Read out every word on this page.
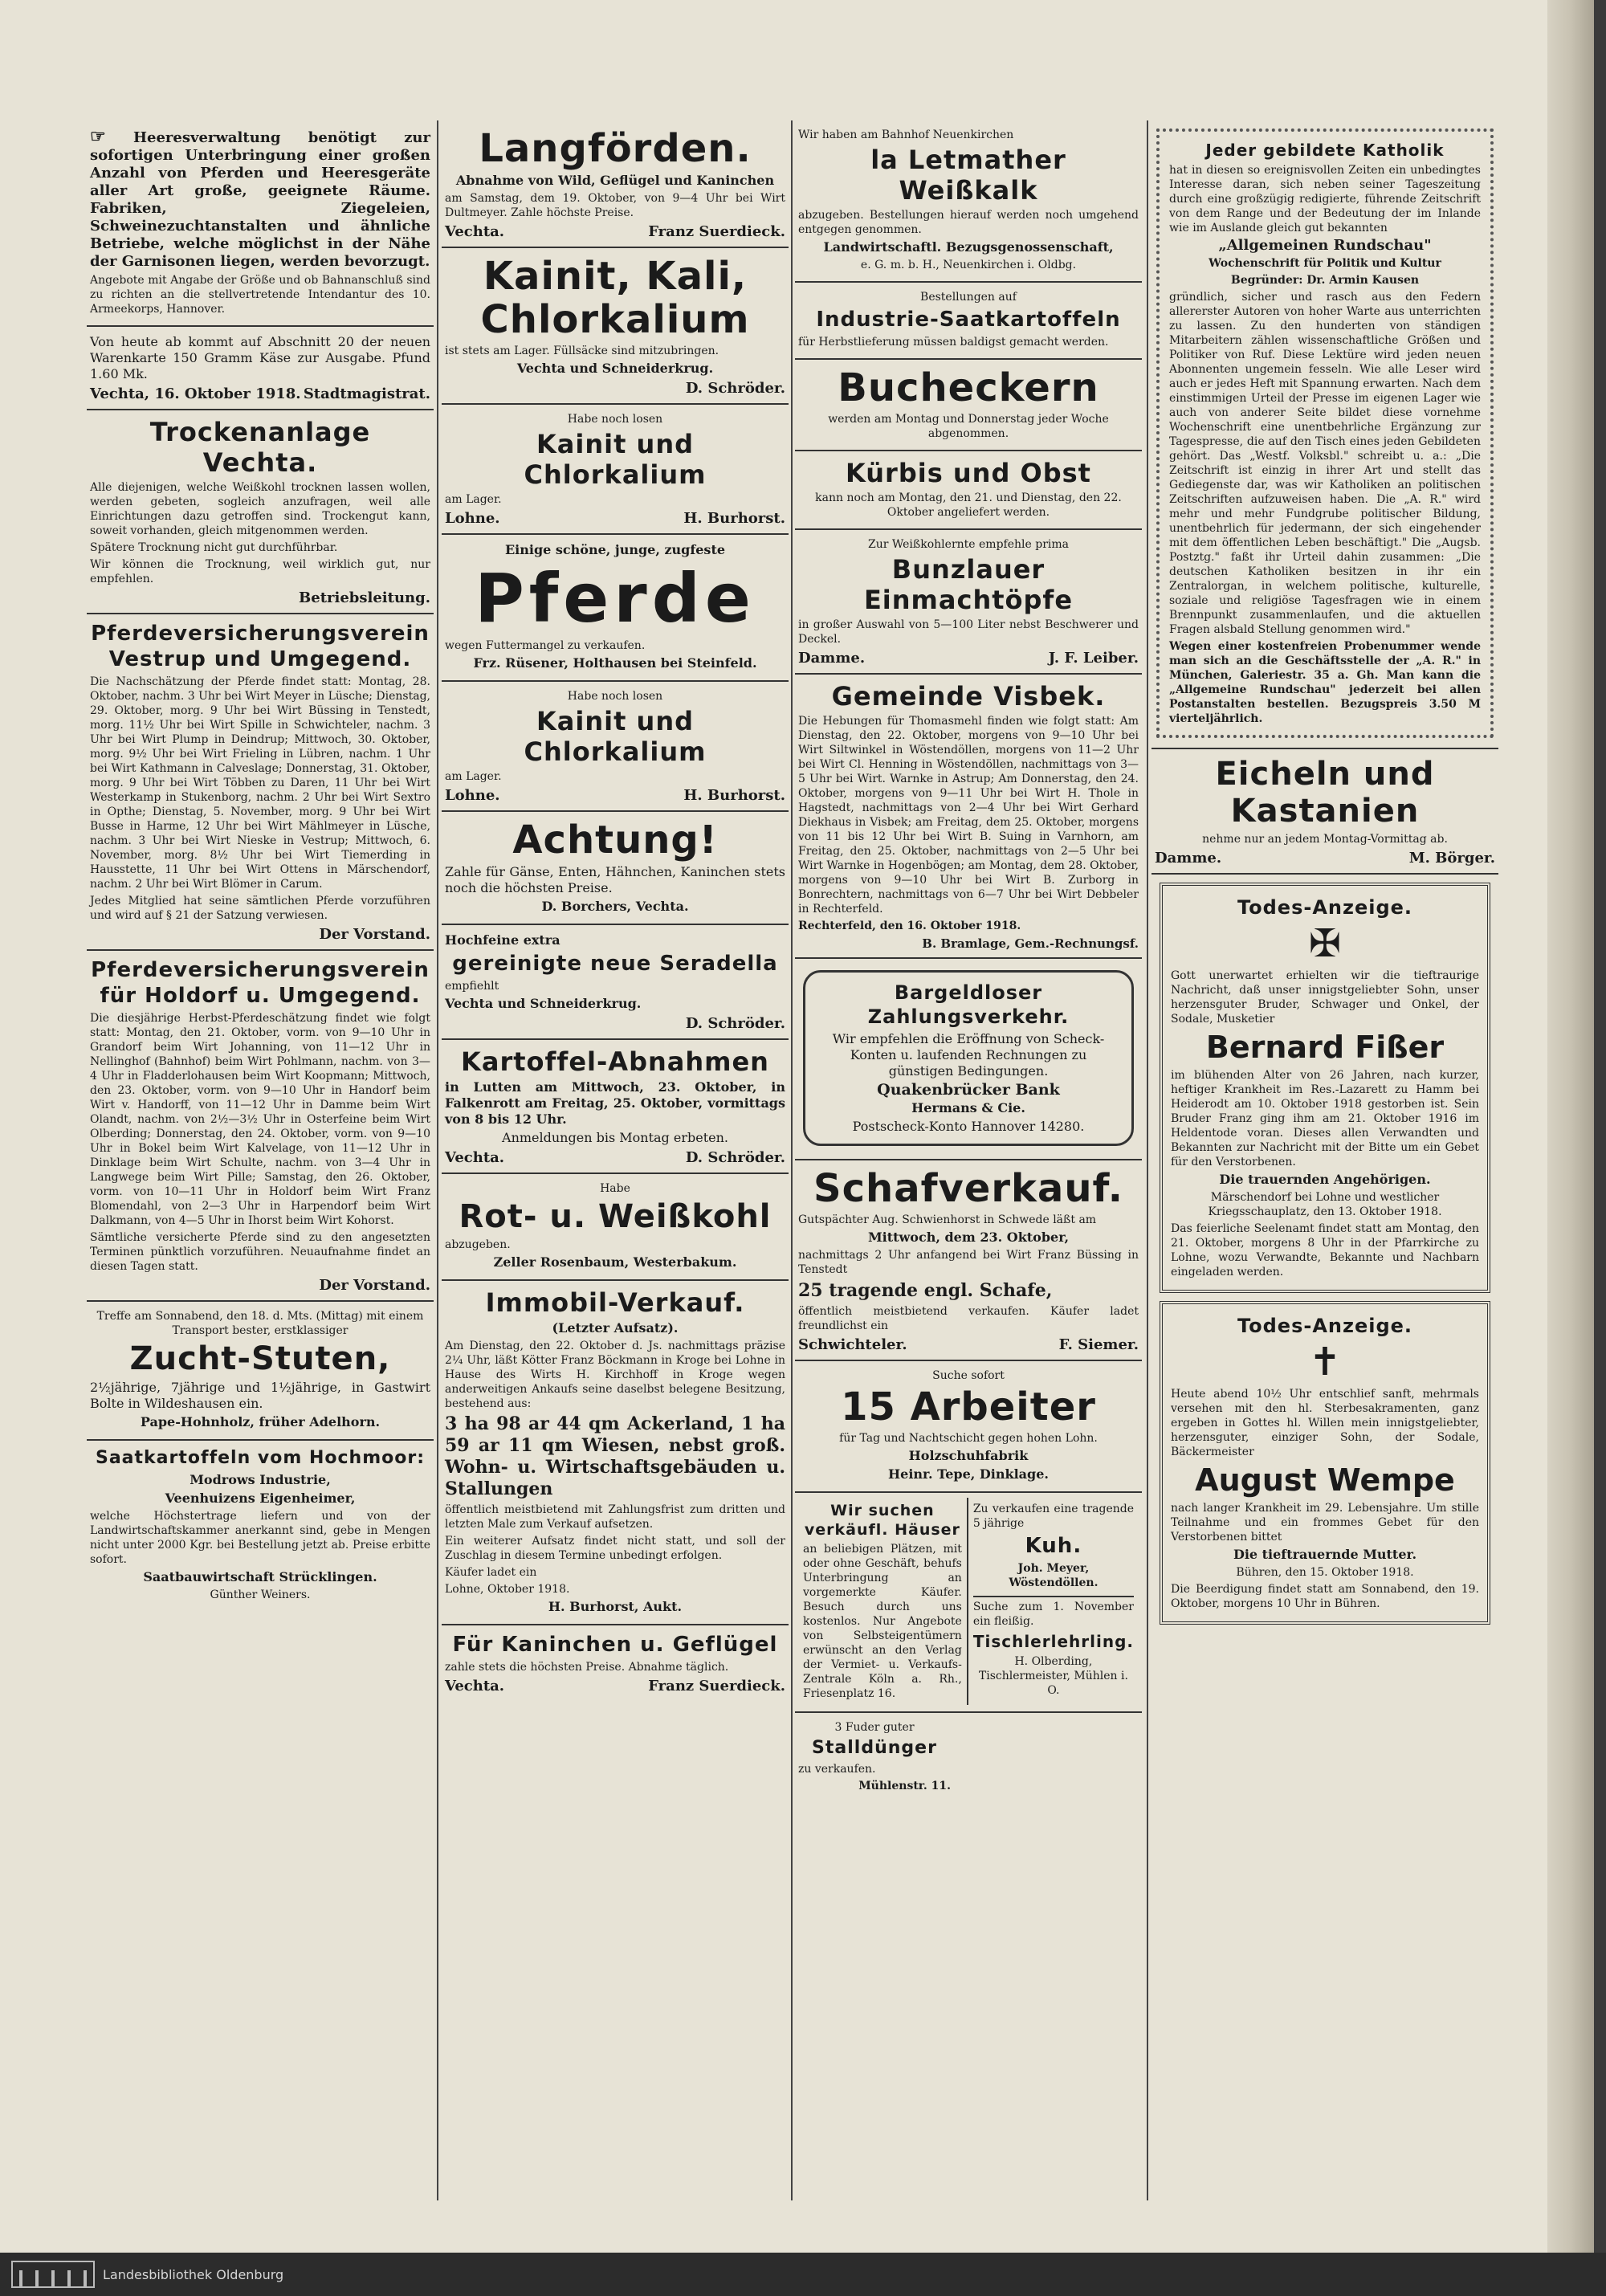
☞ Heeresverwaltung benötigt zur sofortigen Unterbringung einer großen Anzahl von Pferden und Heeresgeräte aller Art große, geeignete Räume. Fabriken, Ziegeleien, Schweinezuchtanstalten und ähnliche Betriebe, welche möglichst in der Nähe der Garnisonen liegen, werden bevorzugt.

Angebote mit Angabe der Größe und ob Bahnanschluß sind zu richten an die stellvertretende Intendantur des 10. Armeekorps, Hannover.

Von heute ab kommt auf Abschnitt 20 der neuen Warenkarte 150 Gramm Käse zur Ausgabe. Pfund 1.60 Mk.

Vechta, 16. Oktober 1918. Stadtmagistrat.
Trockenanlage Vechta.

Alle diejenigen, welche Weißkohl trocknen lassen wollen, werden gebeten, sogleich anzufragen, weil alle Einrichtungen dazu getroffen sind. Trockengut kann, soweit vorhanden, gleich mitgenommen werden.

Spätere Trocknung nicht gut durchführbar.

Wir können die Trocknung, weil wirklich gut, nur empfehlen.

Betriebsleitung.
Pferdeversicherungsverein Vestrup und Umgegend.

Die Nachschätzung der Pferde findet statt: Montag, 28. Oktober, nachm. 3 Uhr bei Wirt Meyer in Lüsche; Dienstag, 29. Oktober, morg. 9 Uhr bei Wirt Büssing in Tenstedt, morg. 11½ Uhr bei Wirt Spille in Schwichteler, nachm. 3 Uhr bei Wirt Plump in Deindrup; Mittwoch, 30. Oktober, morg. 9½ Uhr bei Wirt Frieling in Lübren, nachm. 1 Uhr bei Wirt Kathmann in Calveslage; Donnerstag, 31. Oktober, morg. 9 Uhr bei Wirt Többen zu Daren, 11 Uhr bei Wirt Westerkamp in Stukenborg, nachm. 2 Uhr bei Wirt Sextro in Opthe; Dienstag, 5. November, morg. 9 Uhr bei Wirt Busse in Harme, 12 Uhr bei Wirt Mählmeyer in Lüsche, nachm. 3 Uhr bei Wirt Nieske in Vestrup; Mittwoch, 6. November, morg. 8½ Uhr bei Wirt Tiemerding in Hausstette, 11 Uhr bei Wirt Ottens in Märschendorf, nachm. 2 Uhr bei Wirt Blömer in Carum.

Jedes Mitglied hat seine sämtlichen Pferde vorzuführen und wird auf § 21 der Satzung verwiesen.

Der Vorstand.
Pferdeversicherungsverein für Holdorf u. Umgegend.

Die diesjährige Herbst-Pferdeschätzung findet wie folgt statt: Montag, den 21. Oktober, vorm. von 9—10 Uhr in Grandorf beim Wirt Johanning, von 11—12 Uhr in Nellinghof (Bahnhof) beim Wirt Pohlmann, nachm. von 3—4 Uhr in Fladderlohausen beim Wirt Koopmann; Mittwoch, den 23. Oktober, vorm. von 9—10 Uhr in Handorf beim Wirt v. Handorff, von 11—12 Uhr in Damme beim Wirt Olandt, nachm. von 2½—3½ Uhr in Osterfeine beim Wirt Olberding; Donnerstag, den 24. Oktober, vorm. von 9—10 Uhr in Bokel beim Wirt Kalvelage, von 11—12 Uhr in Dinklage beim Wirt Schulte, nachm. von 3—4 Uhr in Langwege beim Wirt Pille; Samstag, den 26. Oktober, vorm. von 10—11 Uhr in Holdorf beim Wirt Franz Blomendahl, von 2—3 Uhr in Harpendorf beim Wirt Dalkmann, von 4—5 Uhr in Ihorst beim Wirt Kohorst.

Sämtliche versicherte Pferde sind zu den angesetzten Terminen pünktlich vorzuführen. Neuaufnahme findet an diesen Tagen statt.

Der Vorstand.

Treffe am Sonnabend, den 18. d. Mts. (Mittag) mit einem Transport bester, erstklassiger

Zucht-Stuten,

2½jährige, 7jährige und 1½jährige, in Gastwirt Bolte in Wildeshausen ein.

Pape-Hohnholz, früher Adelhorn.

Saatkartoffeln vom Hochmoor:

Modrows Industrie,

Veenhuizens Eigenheimer,

welche Höchstertrage liefern und von der Landwirtschaftskammer anerkannt sind, gebe in Mengen nicht unter 2000 Kgr. bei Bestellung jetzt ab. Preise erbitte sofort.

Saatbauwirtschaft Strücklingen.

Günther Weiners.

Langförden.

Abnahme von Wild, Geflügel und Kaninchen

am Samstag, dem 19. Oktober, von 9—4 Uhr bei Wirt Dultmeyer. Zahle höchste Preise.

Vechta.	Franz Suerdieck.
Kainit, Kali, Chlorkalium

ist stets am Lager. Füllsäcke sind mitzubringen.

Vechta und Schneiderkrug.

D. Schröder.

Habe noch losen

Kainit und Chlorkalium

am Lager.

Lohne.	H. Burhorst.

Einige schöne, junge, zugfeste

Pferde

wegen Futtermangel zu verkaufen.

Frz. Rüsener, Holthausen bei Steinfeld.

Habe noch losen

Kainit und Chlorkalium

am Lager.

Lohne.	H. Burhorst.
Achtung!

Zahle für Gänse, Enten, Hähnchen, Kaninchen stets noch die höchsten Preise.

D. Borchers, Vechta.

Hochfeine extra

gereinigte neue Seradella

empfiehlt

Vechta und Schneiderkrug.

D. Schröder.
Kartoffel-Abnahmen

in Lutten am Mittwoch, 23. Oktober, in Falkenrott am Freitag, 25. Oktober, vormittags von 8 bis 12 Uhr.

Anmeldungen bis Montag erbeten.

Vechta.	D. Schröder.

Habe

Rot- u. Weißkohl

abzugeben.

Zeller Rosenbaum, Westerbakum.

Immobil-Verkauf.

(Letzter Aufsatz).

Am Dienstag, den 22. Oktober d. Js. nachmittags präzise 2¼ Uhr, läßt Kötter Franz Böckmann in Kroge bei Lohne in Hause des Wirts H. Kirchhoff in Kroge wegen anderweitigen Ankaufs seine daselbst belegene Besitzung, bestehend aus:

3 ha 98 ar 44 qm Ackerland, 1 ha 59 ar 11 qm Wiesen, nebst groß. Wohn- u. Wirtschaftsgebäuden u. Stallungen

öffentlich meistbietend mit Zahlungsfrist zum dritten und letzten Male zum Verkauf aufsetzen.

Ein weiterer Aufsatz findet nicht statt, und soll der Zuschlag in diesem Termine unbedingt erfolgen.

Käufer ladet ein

Lohne, Oktober 1918.

H. Burhorst, Aukt.

Für Kaninchen u. Geflügel

zahle stets die höchsten Preise. Abnahme täglich.

Vechta.	Franz Suerdieck.

Wir haben am Bahnhof Neuenkirchen

la Letmather Weißkalk

abzugeben. Bestellungen hierauf werden noch umgehend entgegen genommen.

Landwirtschaftl. Bezugsgenossenschaft,

e. G. m. b. H., Neuenkirchen i. Oldbg.

Bestellungen auf

Industrie-Saatkartoffeln

für Herbstlieferung müssen baldigst gemacht werden.

Bucheckern

werden am Montag und Donnerstag jeder Woche abgenommen.

Kürbis und Obst

kann noch am Montag, den 21. und Dienstag, den 22. Oktober angeliefert werden.

Zur Weißkohlernte empfehle prima

Bunzlauer Einmachtöpfe

in großer Auswahl von 5—100 Liter nebst Beschwerer und Deckel.

Damme.	J. F. Leiber.
Gemeinde Visbek.

Die Hebungen für Thomasmehl finden wie folgt statt: Am Dienstag, den 22. Oktober, morgens von 9—10 Uhr bei Wirt Siltwinkel in Wöstendöllen, morgens von 11—2 Uhr bei Wirt Cl. Henning in Wöstendöllen, nachmittags von 3—5 Uhr bei Wirt. Warnke in Astrup; Am Donnerstag, den 24. Oktober, morgens von 9—11 Uhr bei Wirt H. Thole in Hagstedt, nachmittags von 2—4 Uhr bei Wirt Gerhard Diekhaus in Visbek; am Freitag, dem 25. Oktober, morgens von 11 bis 12 Uhr bei Wirt B. Suing in Varnhorn, am Freitag, den 25. Oktober, nachmittags von 2—5 Uhr bei Wirt Warnke in Hogenbögen; am Montag, dem 28. Oktober, morgens von 9—10 Uhr bei Wirt B. Zurborg in Bonrechtern, nachmittags von 6—7 Uhr bei Wirt Debbeler in Rechterfeld.

Rechterfeld, den 16. Oktober 1918.

B. Bramlage, Gem.-Rechnungsf.
Bargeldloser Zahlungsverkehr.

Wir empfehlen die Eröffnung von Scheck-Konten u. laufenden Rechnungen zu günstigen Bedingungen.

Quakenbrücker Bank

Hermans & Cie.

Postscheck-Konto Hannover 14280.

Schafverkauf.

Gutspächter Aug. Schwienhorst in Schwede läßt am

Mittwoch, dem 23. Oktober,

nachmittags 2 Uhr anfangend bei Wirt Franz Büssing in Tenstedt

25 tragende engl. Schafe,

öffentlich meistbietend verkaufen. Käufer ladet freundlichst ein

Schwichteler.	F. Siemer.

Suche sofort

15 Arbeiter

für Tag und Nachtschicht gegen hohen Lohn.

Holzschuhfabrik

Heinr. Tepe, Dinklage.

Wir suchen verkäufl. Häuser

an beliebigen Plätzen, mit oder ohne Geschäft, behufs Unterbringung an vorgemerkte Käufer. Besuch durch uns kostenlos. Nur Angebote von Selbsteigentümern erwünscht an den Verlag der Vermiet- u. Verkaufs-Zentrale Köln a. Rh., Friesenplatz 16.

Zu verkaufen eine tragende 5 jährige

Kuh.

Joh. Meyer, Wöstendöllen.

Suche zum 1. November ein fleißig.

Tischlerlehrling.

H. Olberding, Tischlermeister, Mühlen i. O.

3 Fuder guter

Stalldünger

zu verkaufen.

Mühlenstr. 11.

Jeder gebildete Katholik

hat in diesen so ereignisvollen Zeiten ein unbedingtes Interesse daran, sich neben seiner Tageszeitung durch eine großzügig redigierte, führende Zeitschrift von dem Range und der Bedeutung der im Inlande wie im Auslande gleich gut bekannten

„Allgemeinen Rundschau"

Wochenschrift für Politik und Kultur

Begründer: Dr. Armin Kausen

gründlich, sicher und rasch aus den Federn allererster Autoren von hoher Warte aus unterrichten zu lassen. Zu den hunderten von ständigen Mitarbeitern zählen wissenschaftliche Größen und Politiker von Ruf. Diese Lektüre wird jeden neuen Abonnenten ungemein fesseln. Wie alle Leser wird auch er jedes Heft mit Spannung erwarten. Nach dem einstimmigen Urteil der Presse im eigenen Lager wie auch von anderer Seite bildet diese vornehme Wochenschrift eine unentbehrliche Ergänzung zur Tagespresse, die auf den Tisch eines jeden Gebildeten gehört. Das „Westf. Volksbl." schreibt u. a.: „Die Zeitschrift ist einzig in ihrer Art und stellt das Gediegenste dar, was wir Katholiken an politischen Zeitschriften aufzuweisen haben. Die „A. R." wird mehr und mehr Fundgrube politischer Bildung, unentbehrlich für jedermann, der sich eingehender mit dem öffentlichen Leben beschäftigt." Die „Augsb. Postztg." faßt ihr Urteil dahin zusammen: „Die deutschen Katholiken besitzen in ihr ein Zentralorgan, in welchem politische, kulturelle, soziale und religiöse Tagesfragen wie in einem Brennpunkt zusammenlaufen, und die aktuellen Fragen alsbald Stellung genommen wird."

Wegen einer kostenfreien Probenummer wende man sich an die Geschäftsstelle der „A. R." in München, Galeriestr. 35 a. Gh. Man kann die „Allgemeine Rundschau" jederzeit bei allen Postanstalten bestellen. Bezugspreis 3.50 M vierteljährlich.

Eicheln und Kastanien

nehme nur an jedem Montag-Vormittag ab.

Damme.	M. Börger.
Todes-Anzeige.
✠

Gott unerwartet erhielten wir die tieftraurige Nachricht, daß unser innigstgeliebter Sohn, unser herzensguter Bruder, Schwager und Onkel, der Sodale, Musketier

Bernard Fißer

im blühenden Alter von 26 Jahren, nach kurzer, heftiger Krankheit im Res.-Lazarett zu Hamm bei Heiderodt am 10. Oktober 1918 gestorben ist. Sein Bruder Franz ging ihm am 21. Oktober 1916 im Heldentode voran. Dieses allen Verwandten und Bekannten zur Nachricht mit der Bitte um ein Gebet für den Verstorbenen.

Die trauernden Angehörigen.

Märschendorf bei Lohne und westlicher Kriegsschauplatz, den 13. Oktober 1918.

Das feierliche Seelenamt findet statt am Montag, den 21. Oktober, morgens 8 Uhr in der Pfarrkirche zu Lohne, wozu Verwandte, Bekannte und Nachbarn eingeladen werden.

Todes-Anzeige.
✝

Heute abend 10½ Uhr entschlief sanft, mehrmals versehen mit den hl. Sterbesakramenten, ganz ergeben in Gottes hl. Willen mein innigstgeliebter, herzensguter, einziger Sohn, der Sodale, Bäckermeister

August Wempe

nach langer Krankheit im 29. Lebensjahre. Um stille Teilnahme und ein frommes Gebet für den Verstorbenen bittet

Die tieftrauernde Mutter.

Bühren, den 15. Oktober 1918.

Die Beerdigung findet statt am Sonnabend, den 19. Oktober, morgens 10 Uhr in Bühren.

Landesbibliothek Oldenburg
